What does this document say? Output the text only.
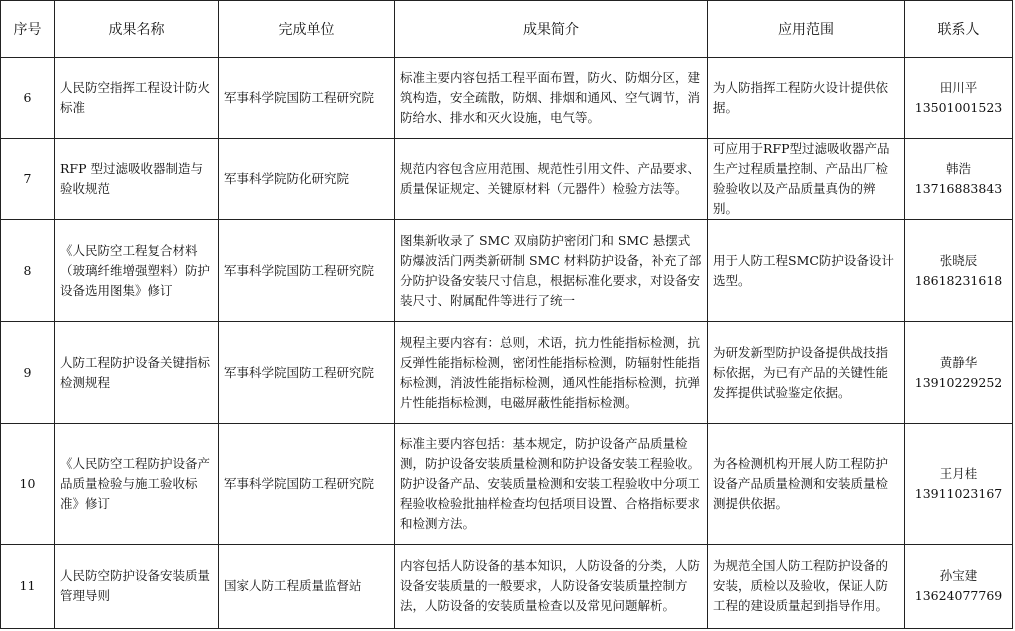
序号	成果名称	完成单位	成果简介	应用范围	联系人
6	人民防空指挥工程设计防火标准	军事科学院国防工程研究院	标准主要内容包括工程平面布置，防火、防烟分区，建筑构造，安全疏散，防烟、排烟和通风、空气调节，消防给水、排水和灭火设施，电气等。	为人防指挥工程防火设计提供依据。	田川平
13501001523

7	RFP 型过滤吸收器制造与验收规范	军事科学院防化研究院	规范内容包含应用范围、规范性引用文件、产品要求、质量保证规定、关键原材料（元器件）检验方法等。	可应用于RFP型过滤吸收器产品生产过程质量控制、产品出厂检验验收以及产品质量真伪的辨别。	韩浩
13716883843

8	《人民防空工程复合材料（玻璃纤维增强塑料）防护设备选用图集》修订	军事科学院国防工程研究院	图集新收录了 SMC 双扇防护密闭门和 SMC 悬摆式防爆波活门两类新研制 SMC 材料防护设备，补充了部分防护设备安装尺寸信息，根据标准化要求，对设备安装尺寸、附属配件等进行了统一	用于人防工程SMC防护设备设计选型。	张晓辰
18618231618

9	人防工程防护设备关键指标检测规程	军事科学院国防工程研究院	规程主要内容有：总则，术语，抗力性能指标检测，抗反弹性能指标检测，密闭性能指标检测，防辐射性能指标检测，消波性能指标检测，通风性能指标检测，抗弹片性能指标检测，电磁屏蔽性能指标检测。	为研发新型防护设备提供战技指标依据，为已有产品的关键性能发挥提供试验鉴定依据。	黄静华
13910229252

10	《人民防空工程防护设备产品质量检验与施工验收标准》修订	军事科学院国防工程研究院	标准主要内容包括：基本规定，防护设备产品质量检测，防护设备安装质量检测和防护设备安装工程验收。防护设备产品、安装质量检测和安装工程验收中分项工程验收检验批抽样检查均包括项目设置、合格指标要求和检测方法。	为各检测机构开展人防工程防护设备产品质量检测和安装质量检测提供依据。	王月桂
13911023167

11	人民防空防护设备安装质量管理导则	国家人防工程质量监督站	内容包括人防设备的基本知识，人防设备的分类，人防设备安装质量的一般要求，人防设备安装质量控制方法，人防设备的安装质量检查以及常见问题解析。	为规范全国人防工程防护设备的安装，质检以及验收，保证人防工程的建设质量起到指导作用。	孙宝建
13624077769
